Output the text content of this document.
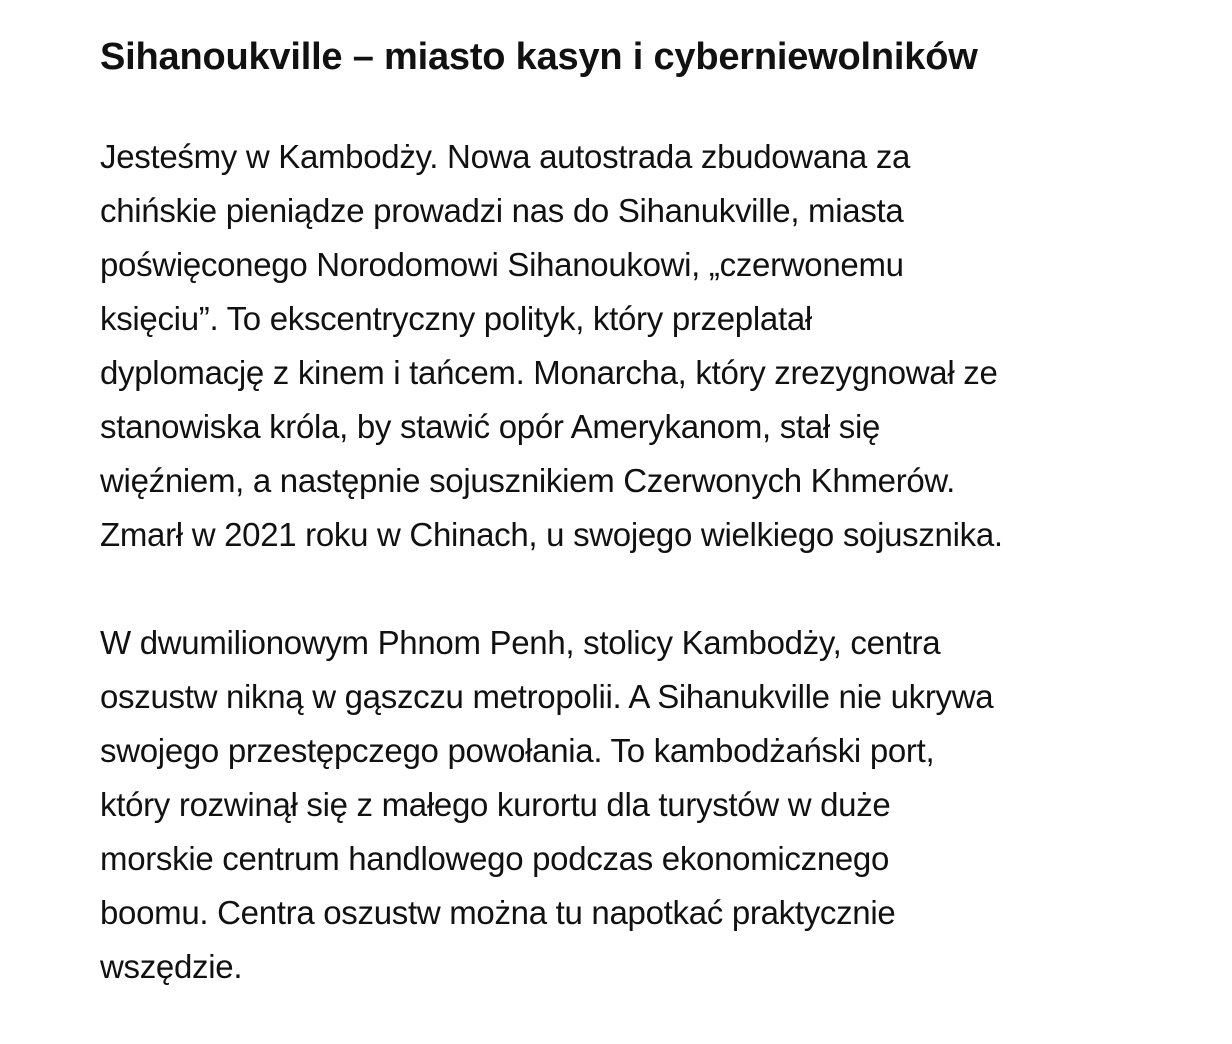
Sihanoukville – miasto kasyn i cyberniewolników

Jesteśmy w Kambodży. Nowa autostrada zbudowana za
chińskie pieniądze prowadzi nas do Sihanukville, miasta
poświęconego Norodomowi Sihanoukowi, „czerwonemu
księciu”. To ekscentryczny polityk, który przeplatał
dyplomację z kinem i tańcem. Monarcha, który zrezygnował ze
stanowiska króla, by stawić opór Amerykanom, stał się
więźniem, a następnie sojusznikiem Czerwonych Khmerów.
Zmarł w 2021 roku w Chinach, u swojego wielkiego sojusznika.

W dwumilionowym Phnom Penh, stolicy Kambodży, centra
oszustw nikną w gąszczu metropolii. A Sihanukville nie ukrywa
swojego przestępczego powołania. To kambodżański port,
który rozwinął się z małego kurortu dla turystów w duże
morskie centrum handlowego podczas ekonomicznego
boomu. Centra oszustw można tu napotkać praktycznie
wszędzie.
